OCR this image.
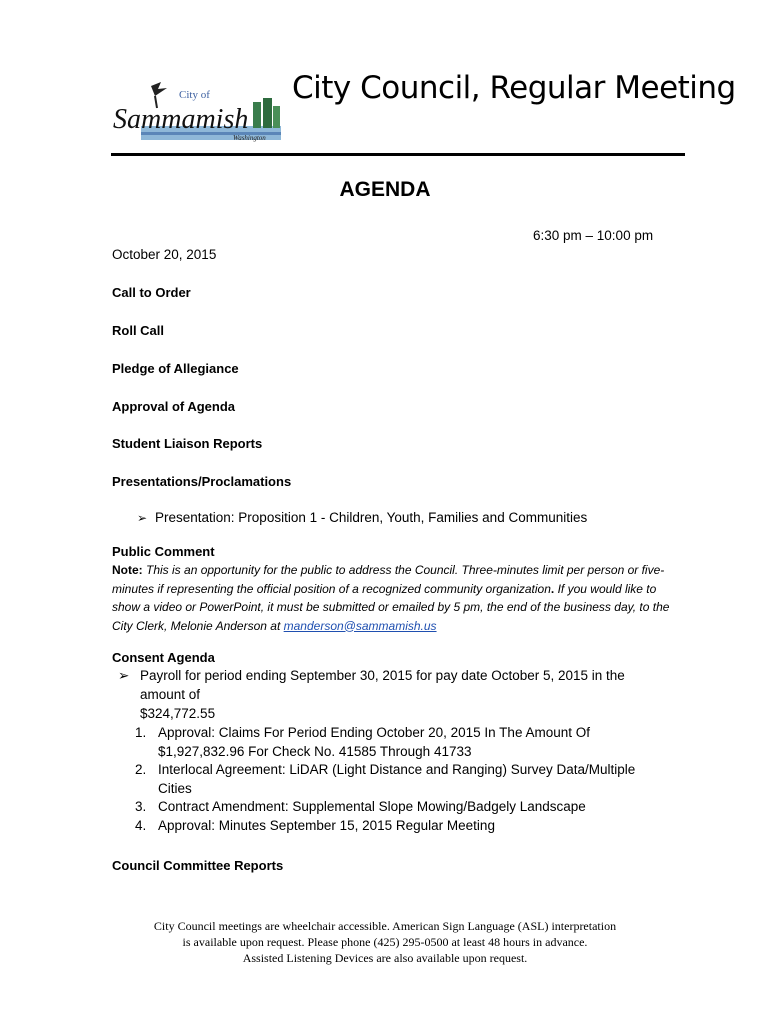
City of
Sammamish
Washington
City Council, Regular Meeting
AGENDA
6:30 pm – 10:00 pm
October 20, 2015
Call to Order
Roll Call
Pledge of Allegiance
Approval of Agenda
Student Liaison Reports
Presentations/Proclamations
➢ Presentation: Proposition 1 - Children, Youth, Families and Communities
Public Comment
Note: This is an opportunity for the public to address the Council. Three-minutes limit per person or five-minutes if representing the official position of a recognized community organization. If you would like to show a video or PowerPoint, it must be submitted or emailed by 5 pm, the end of the business day, to the City Clerk, Melonie Anderson at manderson@sammamish.us
Consent Agenda
➢ Payroll for period ending September 30, 2015 for pay date October 5, 2015 in the
amount of
$324,772.55
1. Approval: Claims For Period Ending October 20, 2015 In The Amount Of
$1,927,832.96 For Check No. 41585 Through 41733
2. Interlocal Agreement: LiDAR (Light Distance and Ranging) Survey Data/Multiple
Cities
3. Contract Amendment: Supplemental Slope Mowing/Badgely Landscape
4. Approval: Minutes September 15, 2015 Regular Meeting
Council Committee Reports
City Council meetings are wheelchair accessible. American Sign Language (ASL) interpretation
is available upon request. Please phone (425) 295-0500 at least 48 hours in advance.
Assisted Listening Devices are also available upon request.
